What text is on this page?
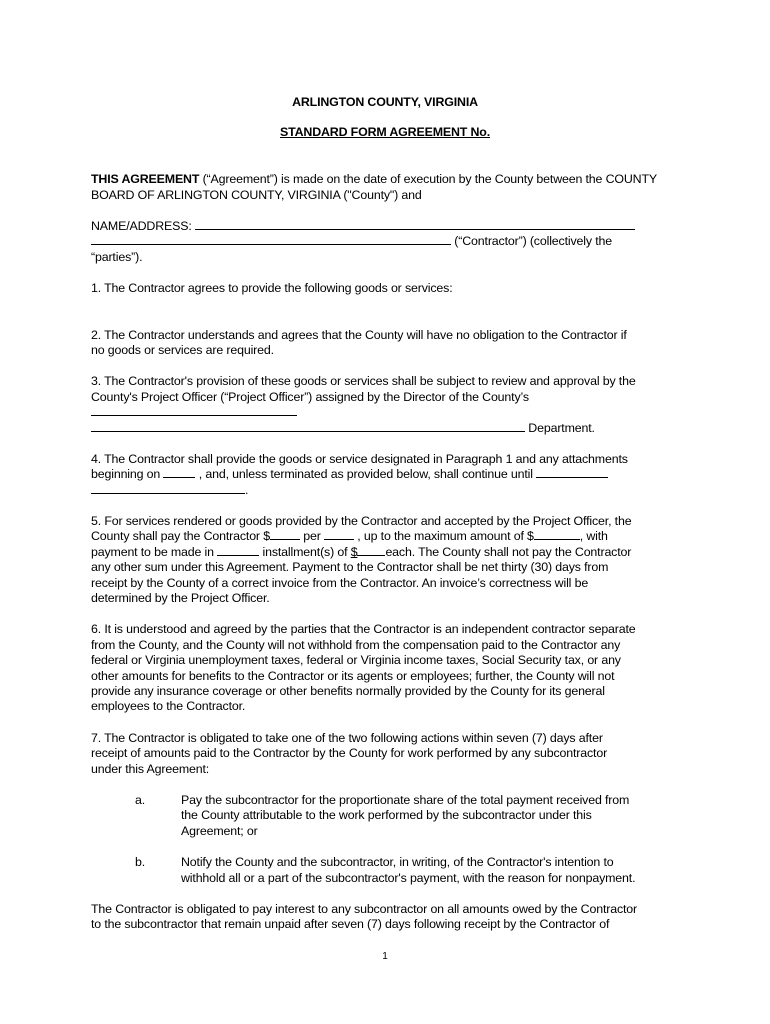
ARLINGTON COUNTY, VIRGINIA
STANDARD FORM AGREEMENT No.
THIS AGREEMENT (“Agreement”) is made on the date of execution by the County between the COUNTY
BOARD OF ARLINGTON COUNTY, VIRGINIA ("County") and
NAME/ADDRESS:
(“Contractor”) (collectively the
“parties”).
1. The Contractor agrees to provide the following goods or services:
2. The Contractor understands and agrees that the County will have no obligation to the Contractor if
no goods or services are required.
3. The Contractor's provision of these goods or services shall be subject to review and approval by the
County's Project Officer (“Project Officer”) assigned by the Director of the County’s
Department.
4. The Contractor shall provide the goods or service designated in Paragraph 1 and any attachments
beginning on	, and, unless terminated as provided below, shall continue until
.
5. For services rendered or goods provided by the Contractor and accepted by the Project Officer, the
County shall pay the Contractor $ per  , up to the maximum amount of $	, with
payment to be made in	installment(s) of $ each. The County shall not pay the Contractor
any other sum under this Agreement. Payment to the Contractor shall be net thirty (30) days from
receipt by the County of a correct invoice from the Contractor. An invoice’s correctness will be
determined by the Project Officer.
6. It is understood and agreed by the parties that the Contractor is an independent contractor separate
from the County, and the County will not withhold from the compensation paid to the Contractor any
federal or Virginia unemployment taxes, federal or Virginia income taxes, Social Security tax, or any
other amounts for benefits to the Contractor or its agents or employees; further, the County will not
provide any insurance coverage or other benefits normally provided by the County for its general
employees to the Contractor.
7. The Contractor is obligated to take one of the two following actions within seven (7) days after
receipt of amounts paid to the Contractor by the County for work performed by any subcontractor
under this Agreement:
a.	Pay the subcontractor for the proportionate share of the total payment received from
the County attributable to the work performed by the subcontractor under this
Agreement; or
b.	Notify the County and the subcontractor, in writing, of the Contractor's intention to
withhold all or a part of the subcontractor's payment, with the reason for nonpayment.
The Contractor is obligated to pay interest to any subcontractor on all amounts owed by the Contractor
to the subcontractor that remain unpaid after seven (7) days following receipt by the Contractor of
1
